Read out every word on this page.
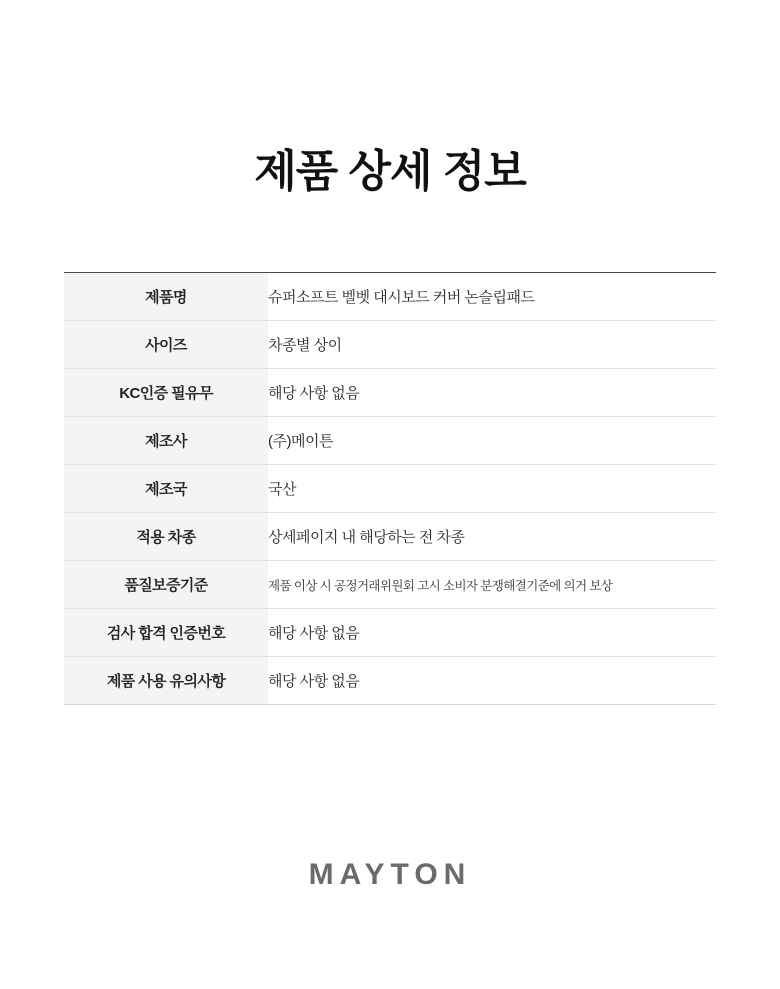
제품 상세 정보
제품명	슈퍼소프트 벨벳 대시보드 커버 논슬립패드
사이즈	차종별 상이
KC인증 필유무	해당 사항 없음
제조사	(주)메이튼
제조국	국산
적용 차종	상세페이지 내 해당하는 전 차종
품질보증기준	제품 이상 시 공정거래위원회 고시 소비자 분쟁해결기준에 의거 보상
검사 합격 인증번호	해당 사항 없음
제품 사용 유의사항	해당 사항 없음
MAYTON
